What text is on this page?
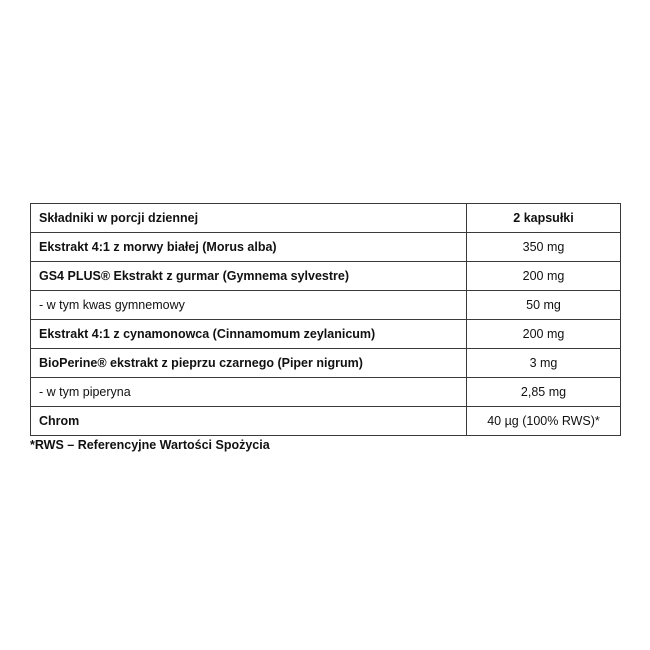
Składniki w porcji dziennej	2 kapsułki
Ekstrakt 4:1 z morwy białej (Morus alba)	350 mg
GS4 PLUS® Ekstrakt z gurmar (Gymnema sylvestre)	200 mg
- w tym kwas gymnemowy	50 mg
Ekstrakt 4:1 z cynamonowca (Cinnamomum zeylanicum)	200 mg
BioPerine® ekstrakt z pieprzu czarnego (Piper nigrum)	3 mg
- w tym piperyna	2,85 mg
Chrom	40 µg (100% RWS)*
*RWS – Referencyjne Wartości Spożycia
